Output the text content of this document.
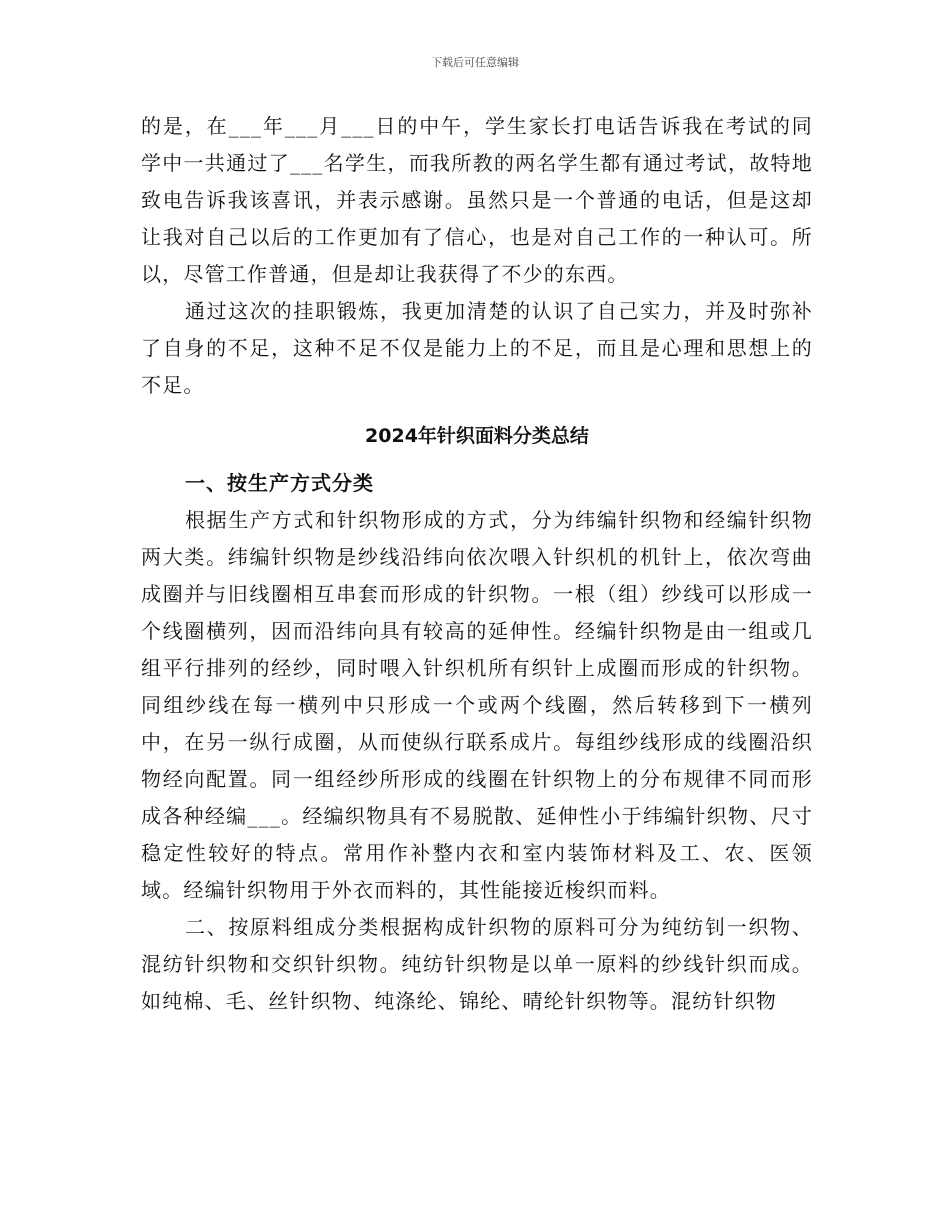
下载后可任意编辑

的是，在___年___月___日的中午，学生家长打电话告诉我在考试的同学中一共通过了___名学生，而我所教的两名学生都有通过考试，故特地致电告诉我该喜讯，并表示感谢。虽然只是一个普通的电话，但是这却让我对自己以后的工作更加有了信心，也是对自己工作的一种认可。所以，尽管工作普通，但是却让我获得了不少的东西。

通过这次的挂职锻炼，我更加清楚的认识了自己实力，并及时弥补了自身的不足，这种不足不仅是能力上的不足，而且是心理和思想上的不足。

2024年针织面料分类总结
一、按生产方式分类

根据生产方式和针织物形成的方式，分为纬编针织物和经编针织物两大类。纬编针织物是纱线沿纬向依次喂入针织机的机针上，依次弯曲成圈并与旧线圈相互串套而形成的针织物。一根（组）纱线可以形成一个线圈横列，因而沿纬向具有较高的延伸性。经编针织物是由一组或几组平行排列的经纱，同时喂入针织机所有织针上成圈而形成的针织物。同组纱线在每一横列中只形成一个或两个线圈，然后转移到下一横列中，在另一纵行成圈，从而使纵行联系成片。每组纱线形成的线圈沿织物经向配置。同一组经纱所形成的线圈在针织物上的分布规律不同而形成各种经编___。经编织物具有不易脱散、延伸性小于纬编针织物、尺寸稳定性较好的特点。常用作补整内衣和室内装饰材料及工、农、医领域。经编针织物用于外衣而料的，其性能接近梭织而料。

二、按原料组成分类根据构成针织物的原料可分为纯纺钊一织物、混纺针织物和交织针织物。纯纺针织物是以单一原料的纱线针织而成。如纯棉、毛、丝针织物、纯涤纶、锦纶、晴纶针织物等。混纺针织物
